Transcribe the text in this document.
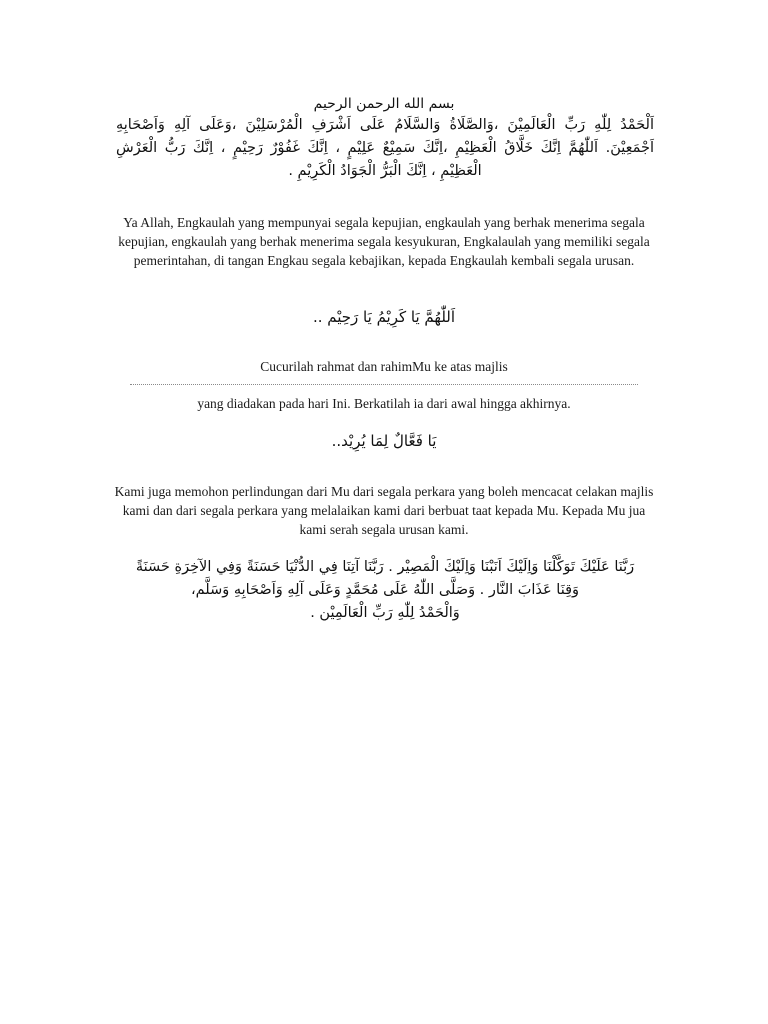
بسم الله الرحمن الرحيم
اَلْحَمْدُ لِلّٰهِ رَبِّ الْعَالَمِيْنَ ،وَالصَّلَاةُ وَالسَّلَامُ عَلَى اَشْرَفِ الْمُرْسَلِيْنَ ،وَعَلَى آلِهِ وَاَصْحَابِهِ اَجْمَعِيْنَ. اَللّٰهُمَّ اِنَّكَ خَلَّاقُ الْعَظِيْمِ ،اِنَّكَ سَمِيْعٌ عَلِيْمٍ ، اِنَّكَ غَفُوْرٌ رَحِيْمٍ ، اِنَّكَ رَبُّ الْعَرْشِ الْعَظِيْمِ ، اِنَّكَ الْبَرُّ الْجَوَادُ الْكَرِيْمِ .
Ya Allah, Engkaulah yang mempunyai segala kepujian, engkaulah yang berhak menerima segala kepujian, engkaulah yang berhak menerima segala kesyukuran, Engkalaulah yang memiliki segala pemerintahan, di tangan Engkau segala kebajikan, kepada Engkaulah kembali segala urusan.
اَللّٰهُمَّ يَا كَرِيْمُ يَا رَحِيْم ..
Cucurilah rahmat dan rahimMu ke atas majlis
yang diadakan pada hari Ini. Berkatilah ia dari awal hingga akhirnya.
يَا فَعَّالٌ لِمَا يُرِيْد..
Kami juga memohon perlindungan dari Mu dari segala perkara yang boleh mencacat celakan majlis kami dan dari segala perkara yang melalaikan kami dari berbuat taat kepada Mu. Kepada Mu jua kami serah segala urusan kami.
رَبَّنَا عَلَيْكَ تَوَكَّلْنَا وَاِلَيْكَ اَنَبْنَا وَاِلَيْكَ الْمَصِيْر . رَبَّنَا آتِنَا فِي الدُّنْيَا حَسَنَةً وَفِي الآخِرَةِ حَسَنَةً
وَقِنَا عَذَابَ النَّار . وَصَلَّى اللّٰهُ عَلَى مُحَمَّدٍ وَعَلَى آلِهِ وَاَصْحَابِهِ وَسَلَّم،
وَالْحَمْدُ لِلّٰهِ رَبِّ الْعَالَمِيْن .
